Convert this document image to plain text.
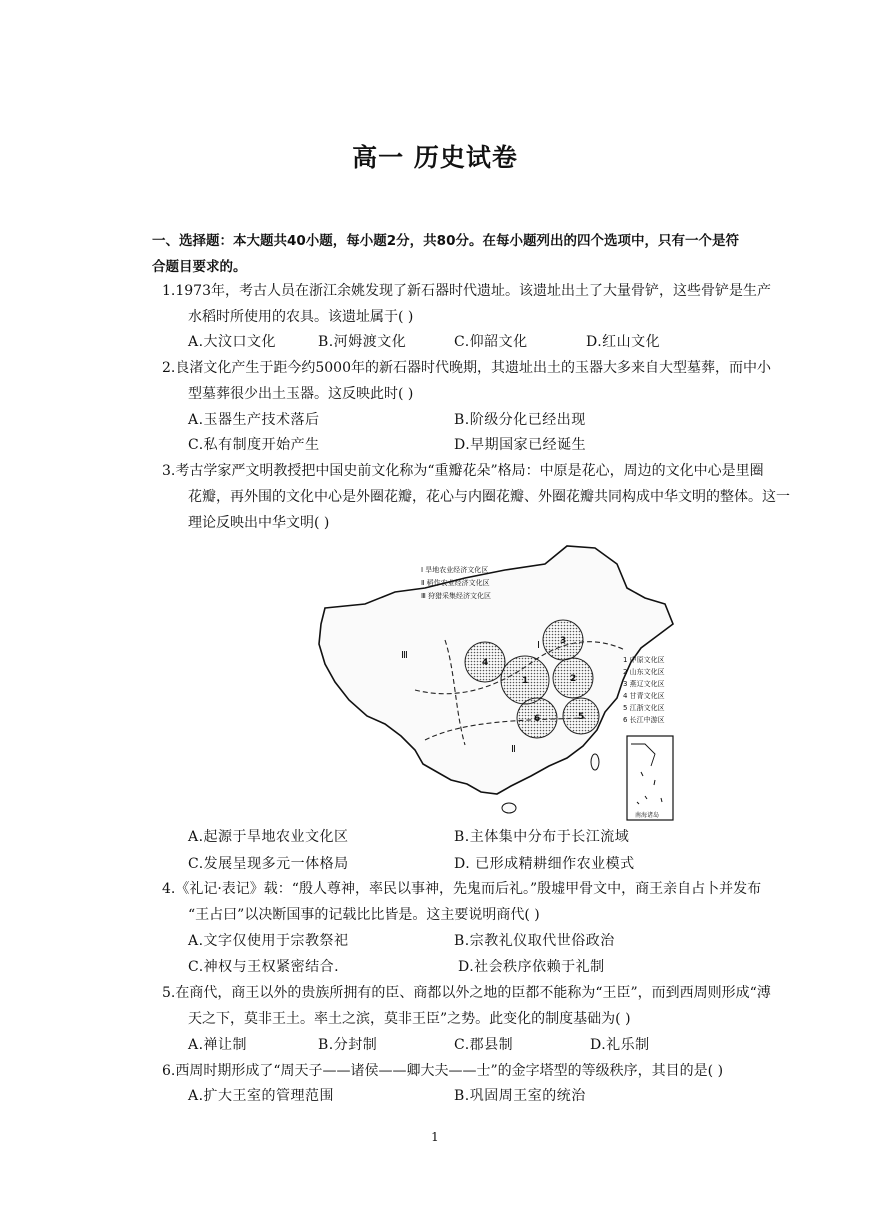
高一 历史试卷
一、选择题：本大题共40小题，每小题2分，共80分。在每小题列出的四个选项中，只有一个是符
合题目要求的。
1.1973年，考古人员在浙江余姚发现了新石器时代遗址。该遗址出土了大量骨铲，这些骨铲是生产
水稻时所使用的农具。该遗址属于( )
A.大汶口文化	B.河姆渡文化	C.仰韶文化	D.红山文化
2.良渚文化产生于距今约5000年的新石器时代晚期，其遗址出土的玉器大多来自大型墓葬，而中小
型墓葬很少出土玉器。这反映此时( )
A.玉器生产技术落后	B.阶级分化已经出现
C.私有制度开始产生	D.早期国家已经诞生
3.考古学家严文明教授把中国史前文化称为“重瓣花朵”格局：中原是花心，周边的文化中心是里圈
花瓣，再外围的文化中心是外圈花瓣，花心与内圈花瓣、外圈花瓣共同构成中华文明的整体。这一
理论反映出中华文明( )
1	2
3
4
5
6
Ⅰ
Ⅱ
Ⅲ
Ⅰ 旱地农业经济文化区
Ⅱ 稻作农业经济文化区
Ⅲ 狩猎采集经济文化区
1 中原文化区
2 山东文化区
3 燕辽文化区
4 甘青文化区
5 江浙文化区
6 长江中游区
南海诸岛
A.起源于旱地农业文化区	B.主体集中分布于长江流域
C.发展呈现多元一体格局	D. 已形成精耕细作农业模式
4.《礼记·表记》载：“殷人尊神，率民以事神，先鬼而后礼。”殷墟甲骨文中，商王亲自占卜并发布
“王占曰”以决断国事的记载比比皆是。这主要说明商代( )
A.文字仅使用于宗教祭祀	B.宗教礼仪取代世俗政治
C.神权与王权紧密结合.	D.社会秩序依赖于礼制
5.在商代，商王以外的贵族所拥有的臣、商都以外之地的臣都不能称为“王臣”，而到西周则形成“溥
天之下，莫非王土。率土之滨，莫非王臣”之势。此变化的制度基础为( )
A.禅让制	B.分封制	C.郡县制	D.礼乐制
6.西周时期形成了“周天子——诸侯——卿大夫——士”的金字塔型的等级秩序，其目的是( )
A.扩大王室的管理范围	B.巩固周王室的统治
1
